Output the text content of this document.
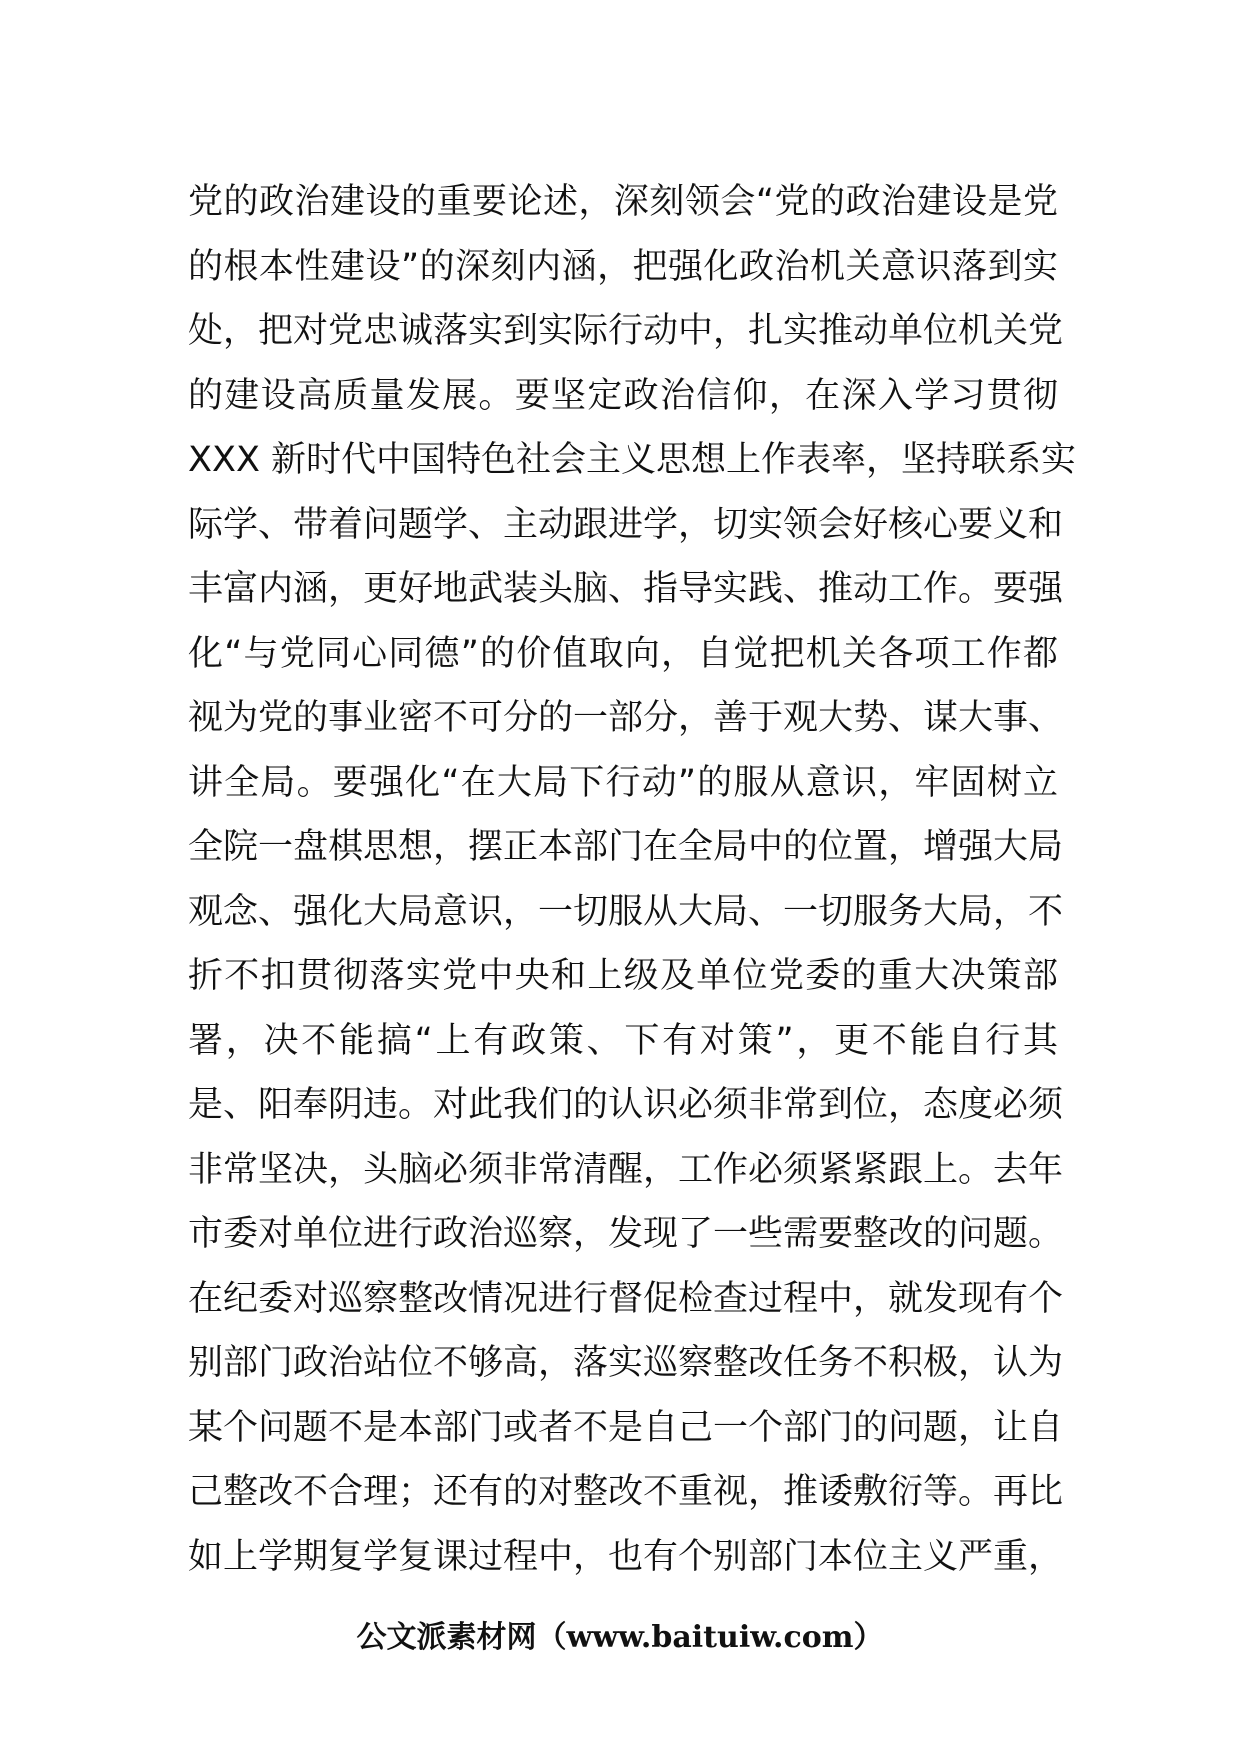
党的政治建设的重要论述，深刻领会“党的政治建设是党
的根本性建设”的深刻内涵，把强化政治机关意识落到实
处，把对党忠诚落实到实际行动中，扎实推动单位机关党
的建设高质量发展。要坚定政治信仰，在深入学习贯彻
XXX 新时代中国特色社会主义思想上作表率，坚持联系实
际学、带着问题学、主动跟进学，切实领会好核心要义和
丰富内涵，更好地武装头脑、指导实践、推动工作。要强
化“与党同心同德”的价值取向，自觉把机关各项工作都
视为党的事业密不可分的一部分，善于观大势、谋大事、
讲全局。要强化“在大局下行动”的服从意识，牢固树立
全院一盘棋思想，摆正本部门在全局中的位置，增强大局
观念、强化大局意识，一切服从大局、一切服务大局，不
折不扣贯彻落实党中央和上级及单位党委的重大决策部
署，决不能搞“上有政策、下有对策”，更不能自行其
是、阳奉阴违。对此我们的认识必须非常到位，态度必须
非常坚决，头脑必须非常清醒，工作必须紧紧跟上。去年
市委对单位进行政治巡察，发现了一些需要整改的问题。
在纪委对巡察整改情况进行督促检查过程中，就发现有个
别部门政治站位不够高，落实巡察整改任务不积极，认为
某个问题不是本部门或者不是自己一个部门的问题，让自
己整改不合理；还有的对整改不重视，推诿敷衍等。再比
如上学期复学复课过程中，也有个别部门本位主义严重，
公文派素材网（www.baituiw.com）
